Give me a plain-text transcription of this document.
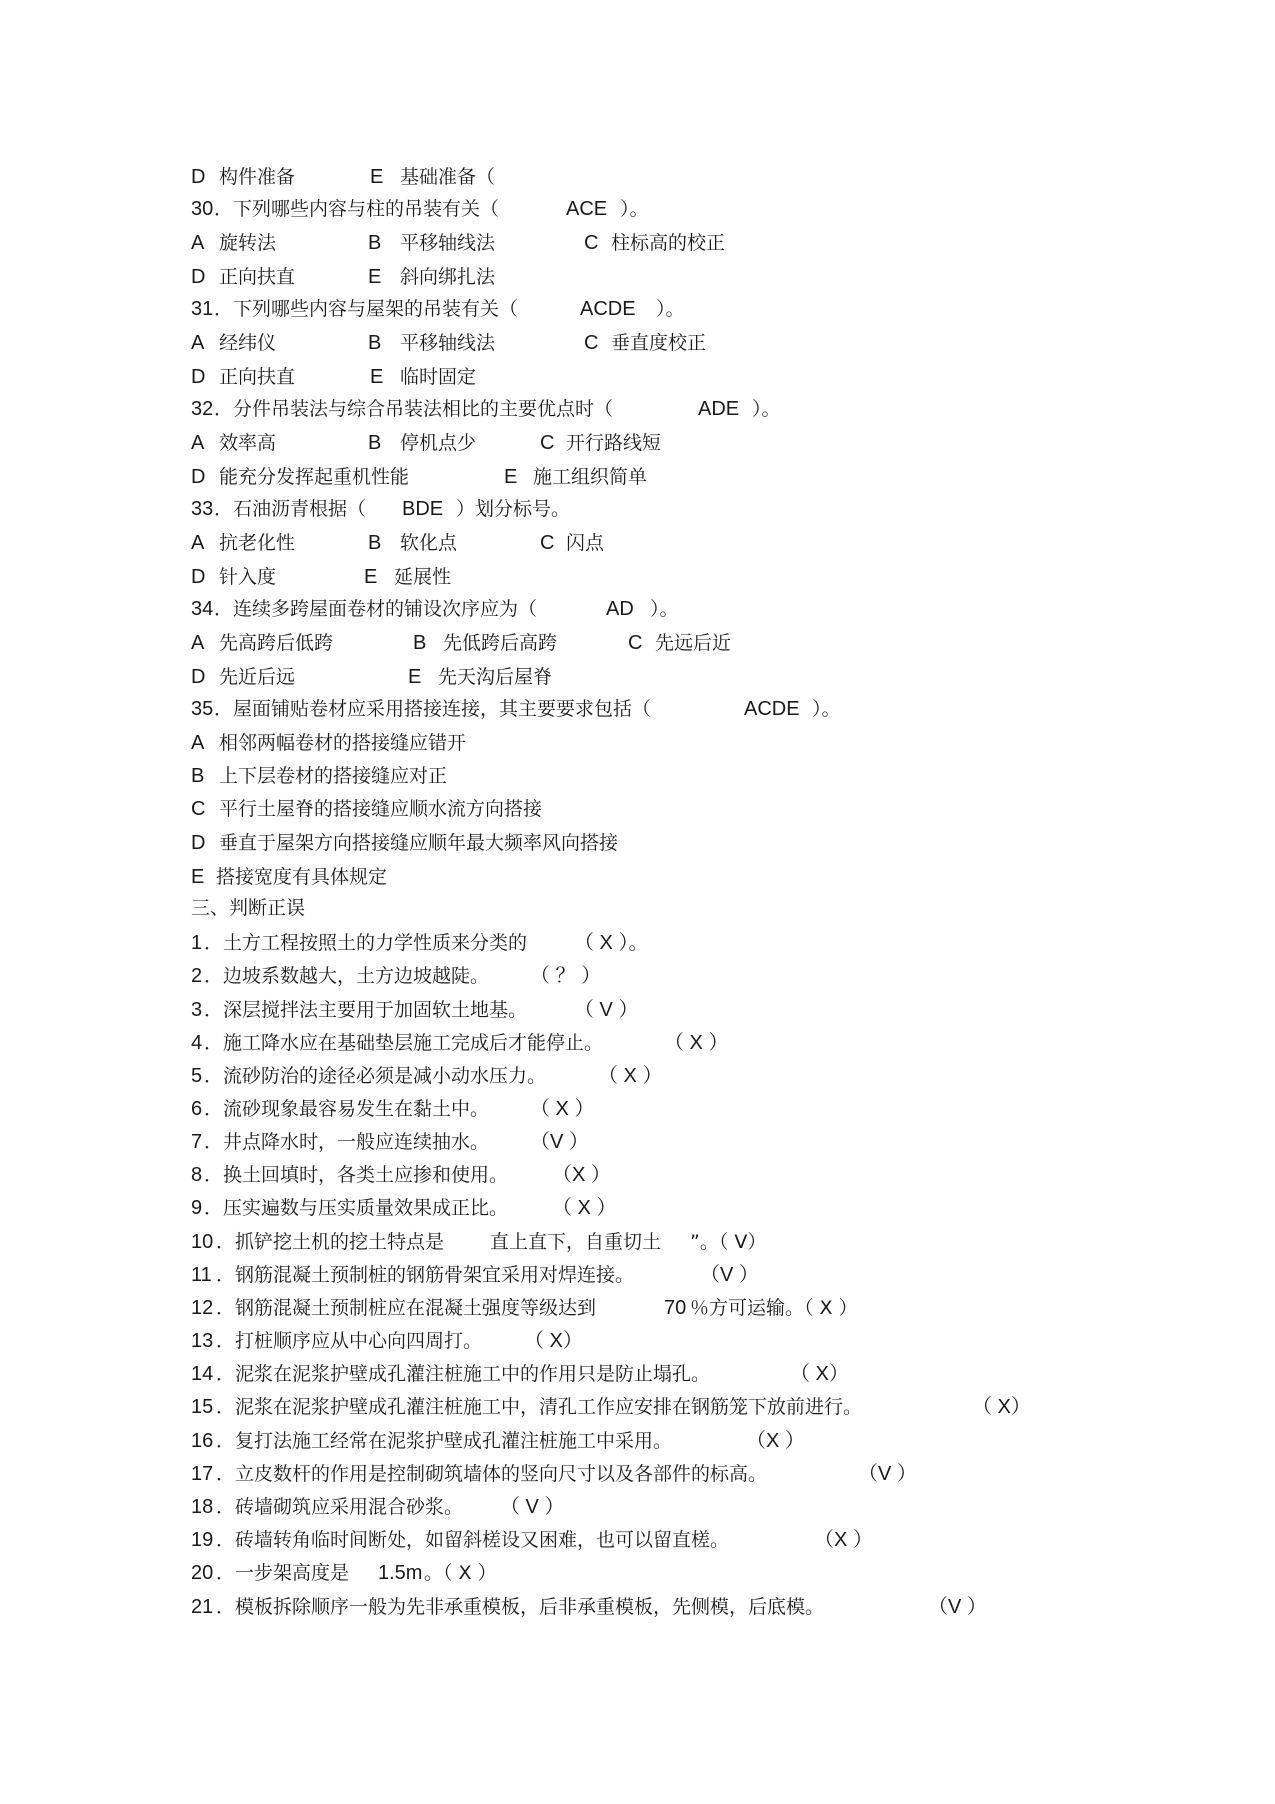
D 构件准备	E 基础准备（
30 ．下列哪些内容与柱的吊装有关（	ACE ）。
A 旋转法	B 平移轴线法	C 柱标高的校正
D 正向扶直	E 斜向绑扎法
31 ．下列哪些内容与屋架的吊装有关（	ACDE ）。
A 经纬仪	B 平移轴线法	C 垂直度校正
D 正向扶直	E 临时固定
32 ．分件吊装法与综合吊装法相比的主要优点时（	ADE ）。
A 效率高	B 停机点少	C 开行路线短
D 能充分发挥起重机性能	E 施工组织简单
33 ．石油沥青根据（ BDE ）划分标号。
A 抗老化性	B 软化点	C 闪点
D 针入度	E 延展性
34 ．连续多跨屋面卷材的铺设次序应为（	AD ）。
A 先高跨后低跨	B 先低跨后高跨	C 先远后近
D 先近后远	E 先天沟后屋脊
35 ．屋面铺贴卷材应采用搭接连接，其主要要求包括（	ACDE ）。
A 相邻两幅卷材的搭接缝应错开
B 上下层卷材的搭接缝应对正
C 平行土屋脊的搭接缝应顺水流方向搭接
D 垂直于屋架方向搭接缝应顺年最大频率风向搭接
E 搭接宽度有具体规定
三、判断正误
1 ．土方工程按照土的力学性质来分类的 （ X ）。
2 ．边坡系数越大，土方边坡越陡。 （ ？ ）
3 ．深层搅拌法主要用于加固软土地基。 （ V ）
4 ．施工降水应在基础垫层施工完成后才能停止。	（ X ）
5 ．流砂防治的途径必须是减小动水压力。	（ X ）
6 ．流砂现象最容易发生在黏土中。 （ X ）
7 ．井点降水时，一般应连续抽水。 （V ）
8 ．换土回填时，各类土应掺和使用。 （X ）
9 ．压实遍数与压实质量效果成正比。 （ X ）
10 ．抓铲挖土机的挖土特点是 直上直下，自重切土 ”。（ V）
11 ．钢筋混凝土预制桩的钢筋骨架宜采用对焊连接。	（V ）
12 ．钢筋混凝土预制桩应在混凝土强度等级达到	70 ％方可运输。（ X ）
13 ．打桩顺序应从中心向四周打。 （ X）
14 ．泥浆在泥浆护壁成孔灌注桩施工中的作用只是防止塌孔。	（ X）
15 ．泥浆在泥浆护壁成孔灌注桩施工中，清孔工作应安排在钢筋笼下放前进行。	（ X）
16 ．复打法施工经常在泥浆护壁成孔灌注桩施工中采用。	（X ）
17 ．立皮数杆的作用是控制砌筑墙体的竖向尺寸以及各部件的标高。	（V ）
18 ．砖墙砌筑应采用混合砂浆。 （ V ）
19 ．砖墙转角临时间断处，如留斜槎设又困难，也可以留直槎。	（X ）
20 ．一步架高度是 1.5m 。（ X ）
21 ．模板拆除顺序一般为先非承重模板，后非承重模板，先侧模，后底模。	（V ）
